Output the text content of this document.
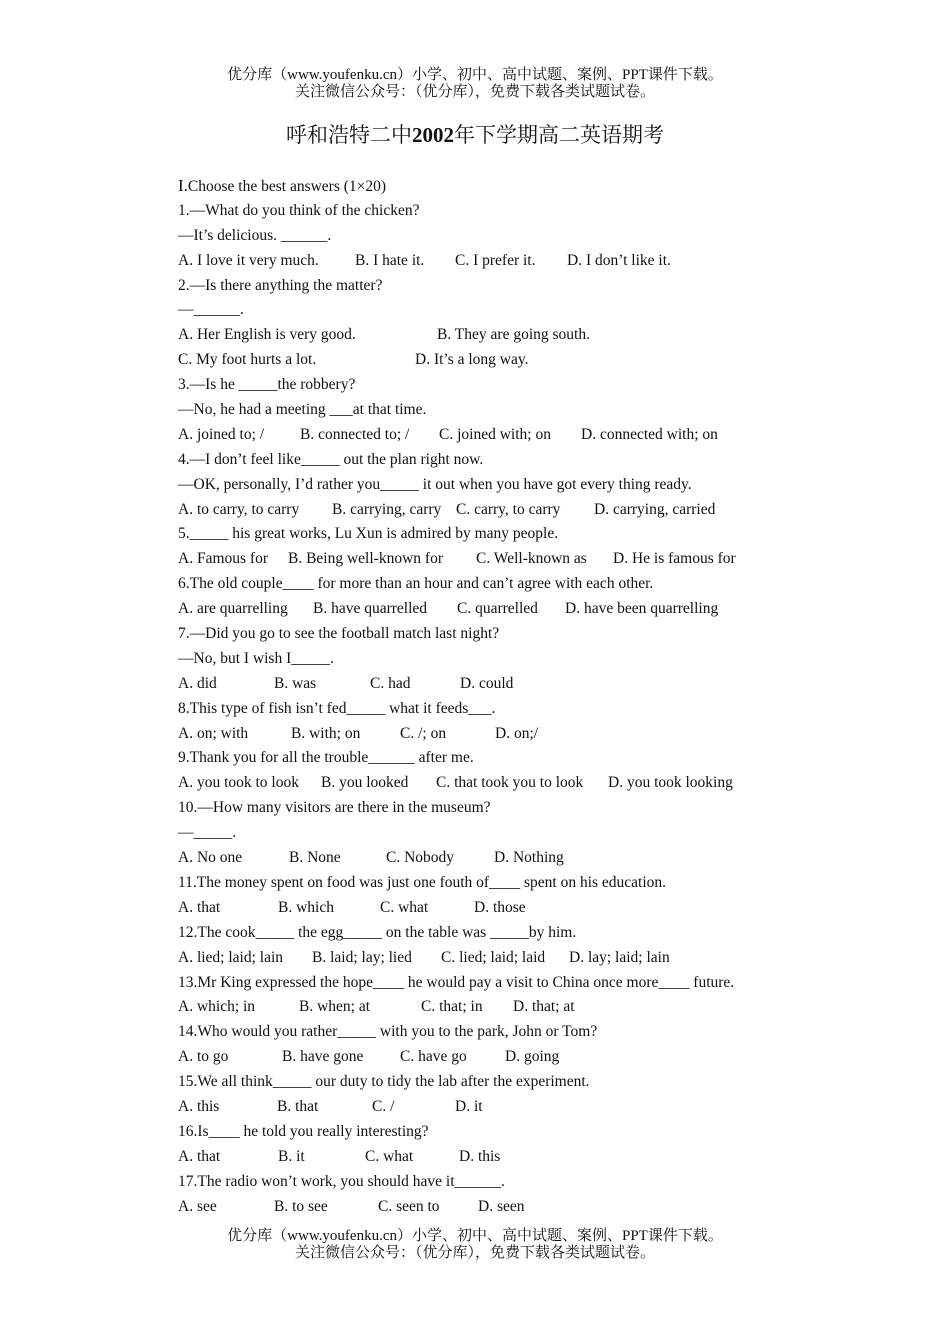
优分库（www.youfenku.cn）小学、初中、高中试题、案例、PPT课件下载。
关注微信公众号：（优分库），免费下载各类试题试卷。
呼和浩特二中2002年下学期高二英语期考
I.Choose the best answers (1×20)
1.—What do you think of the chicken?
—It’s delicious. ______.
A. I love it very much. B. I hate it. C. I prefer it. D. I don’t like it.
2.—Is there anything the matter?
—______.
A. Her English is very good.	B. They are going south.
C. My foot hurts a lot.	D. It’s a long way.
3.—Is he _____the robbery?
—No, he had a meeting ___at that time.
A. joined to; / B. connected to; / C. joined with; on D. connected with; on
4.—I don’t feel like_____ out the plan right now.
—OK, personally, I’d rather you_____ it out when you have got every thing ready.
A. to carry, to carry B. carrying, carry C. carry, to carry D. carrying, carried
5._____ his great works, Lu Xun is admired by many people.
A. Famous for B. Being well-known for C. Well-known as D. He is famous for
6.The old couple____ for more than an hour and can’t agree with each other.
A. are quarrelling B. have quarrelled C. quarrelled D. have been quarrelling
7.—Did you go to see the football match last night?
—No, but I wish I_____.
A. did	B. was	C. had	D. could
8.This type of fish isn’t fed_____ what it feeds___.
A. on; with	B. with; on	C. /; on	D. on;/
9.Thank you for all the trouble______ after me.
A. you took to look B. you looked C. that took you to look D. you took looking
10.—How many visitors are there in the museum?
—_____.
A. No one	B. None	C. Nobody	D. Nothing
11.The money spent on food was just one fouth of____ spent on his education.
A. that	B. which	C. what	D. those
12.The cook_____ the egg_____ on the table was _____by him.
A. lied; laid; lain B. laid; lay; lied C. lied; laid; laid D. lay; laid; lain
13.Mr King expressed the hope____ he would pay a visit to China once more____ future.
A. which; in	B. when; at	C. that; in D. that; at
14.Who would you rather_____ with you to the park, John or Tom?
A. to go	B. have gone C. have go D. going
15.We all think_____ our duty to tidy the lab after the experiment.
A. this	B. that	C. /	D. it
16.Is____ he told you really interesting?
A. that	B. it	C. what	D. this
17.The radio won’t work, you should have it______.
A. see	B. to see	C. seen to D. seen
优分库（www.youfenku.cn）小学、初中、高中试题、案例、PPT课件下载。
关注微信公众号：（优分库），免费下载各类试题试卷。
